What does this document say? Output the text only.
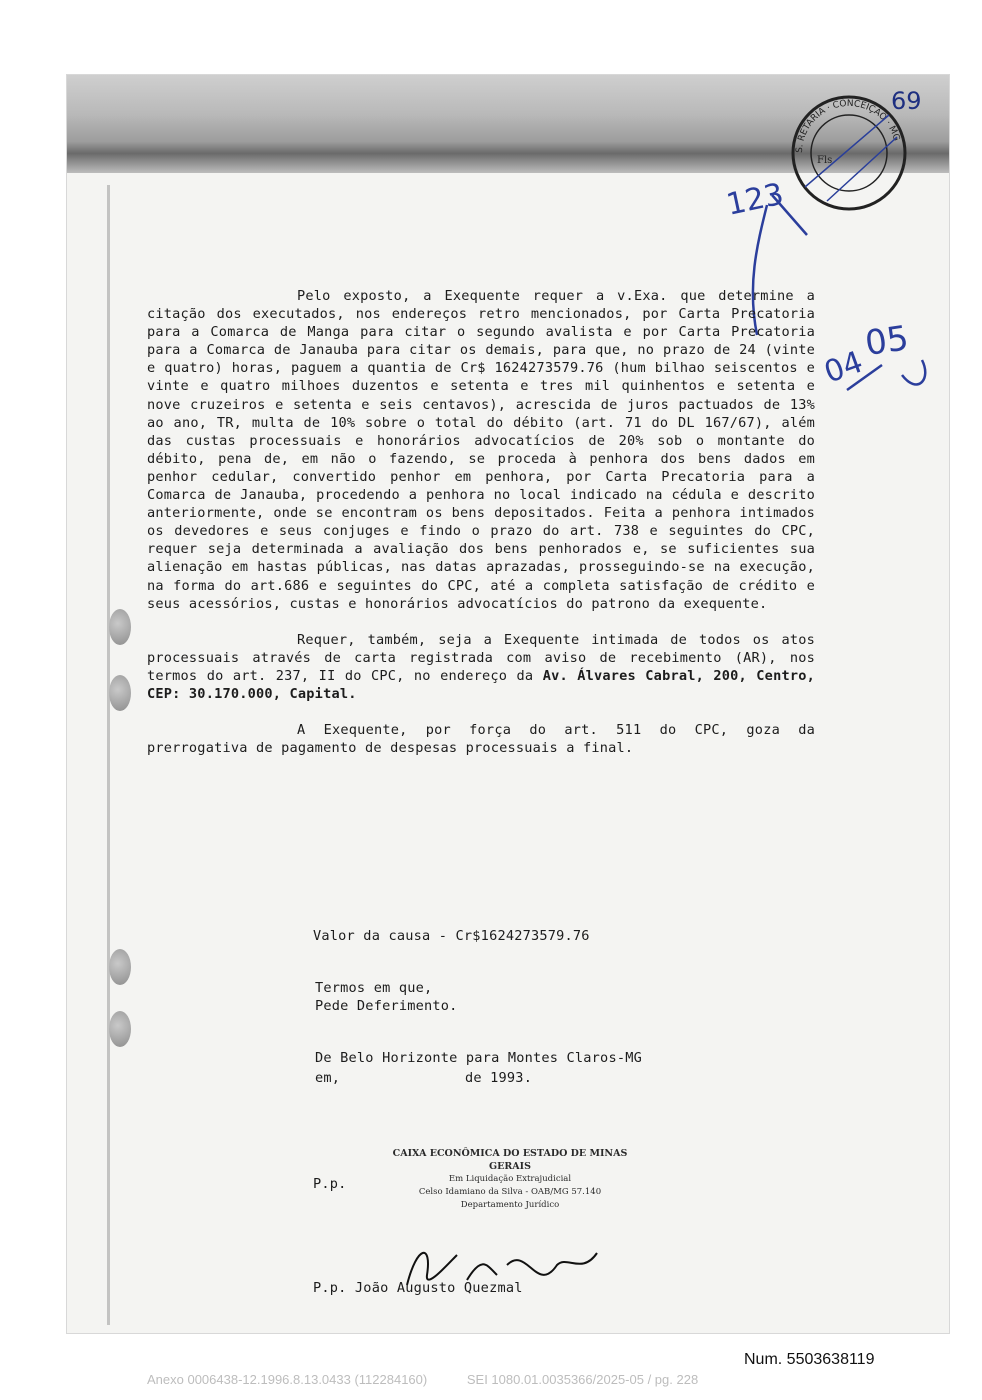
S. RETARIA · CONCEIÇÃO · MG
Fls
123
05
04
69

Pelo exposto, a Exequente requer a v.Exa. que determine a citação dos executados, nos endereços retro mencionados, por Carta Precatoria para a Comarca de Manga para citar o segundo avalista e por Carta Precatoria para a Comarca de Janauba para citar os demais, para que, no prazo de 24 (vinte e quatro) horas, paguem a quantia de Cr$ 1624273579.76 (hum bilhao seiscentos e vinte e quatro milhoes duzentos e setenta e tres mil quinhentos e setenta e nove cruzeiros e setenta e seis centavos), acrescida de juros pactuados de 13% ao ano, TR, multa de 10% sobre o total do débito (art. 71 do DL 167/67), além das custas processuais e honorários advocatícios de 20% sob o montante do débito, pena de, em não o fazendo, se proceda à penhora dos bens dados em penhor cedular, convertido penhor em penhora, por Carta Precatoria para a Comarca de Janauba, procedendo a penhora no local indicado na cédula e descrito anteriormente, onde se encontram os bens depositados. Feita a penhora intimados os devedores e seus conjuges e findo o prazo do art. 738 e seguintes do CPC, requer seja determinada a avaliação dos bens penhorados e, se suficientes sua alienação em hastas públicas, nas datas aprazadas, prosseguindo-se na execução, na forma do art.686 e seguintes do CPC, até a completa satisfação de crédito e seus acessórios, custas e honorários advocatícios do patrono da exequente.

Requer, também, seja a Exequente intimada de todos os atos processuais através de carta registrada com aviso de recebimento (AR), nos termos do art. 237, II do CPC, no endereço da Av. Álvares Cabral, 200, Centro, CEP: 30.170.000, Capital.

A Exequente, por força do art. 511 do CPC, goza da prerrogativa de pagamento de despesas processuais a final.

Valor da causa - Cr$1624273579.76
Termos em que,
Pede Deferimento.
De Belo Horizonte para Montes Claros-MG
em,	de 1993.
CAIXA ECONÔMICA DO ESTADO DE MINAS GERAIS
Em Liquidação Extrajudicial
Celso Idamiano da Silva - OAB/MG 57.140
Departamento Jurídico
P.p.
P.p. João Augusto Quezmal
Num. 5503638119
Anexo 0006438-12.1996.8.13.0433 (112284160)	SEI 1080.01.0035366/2025-05 / pg. 228
